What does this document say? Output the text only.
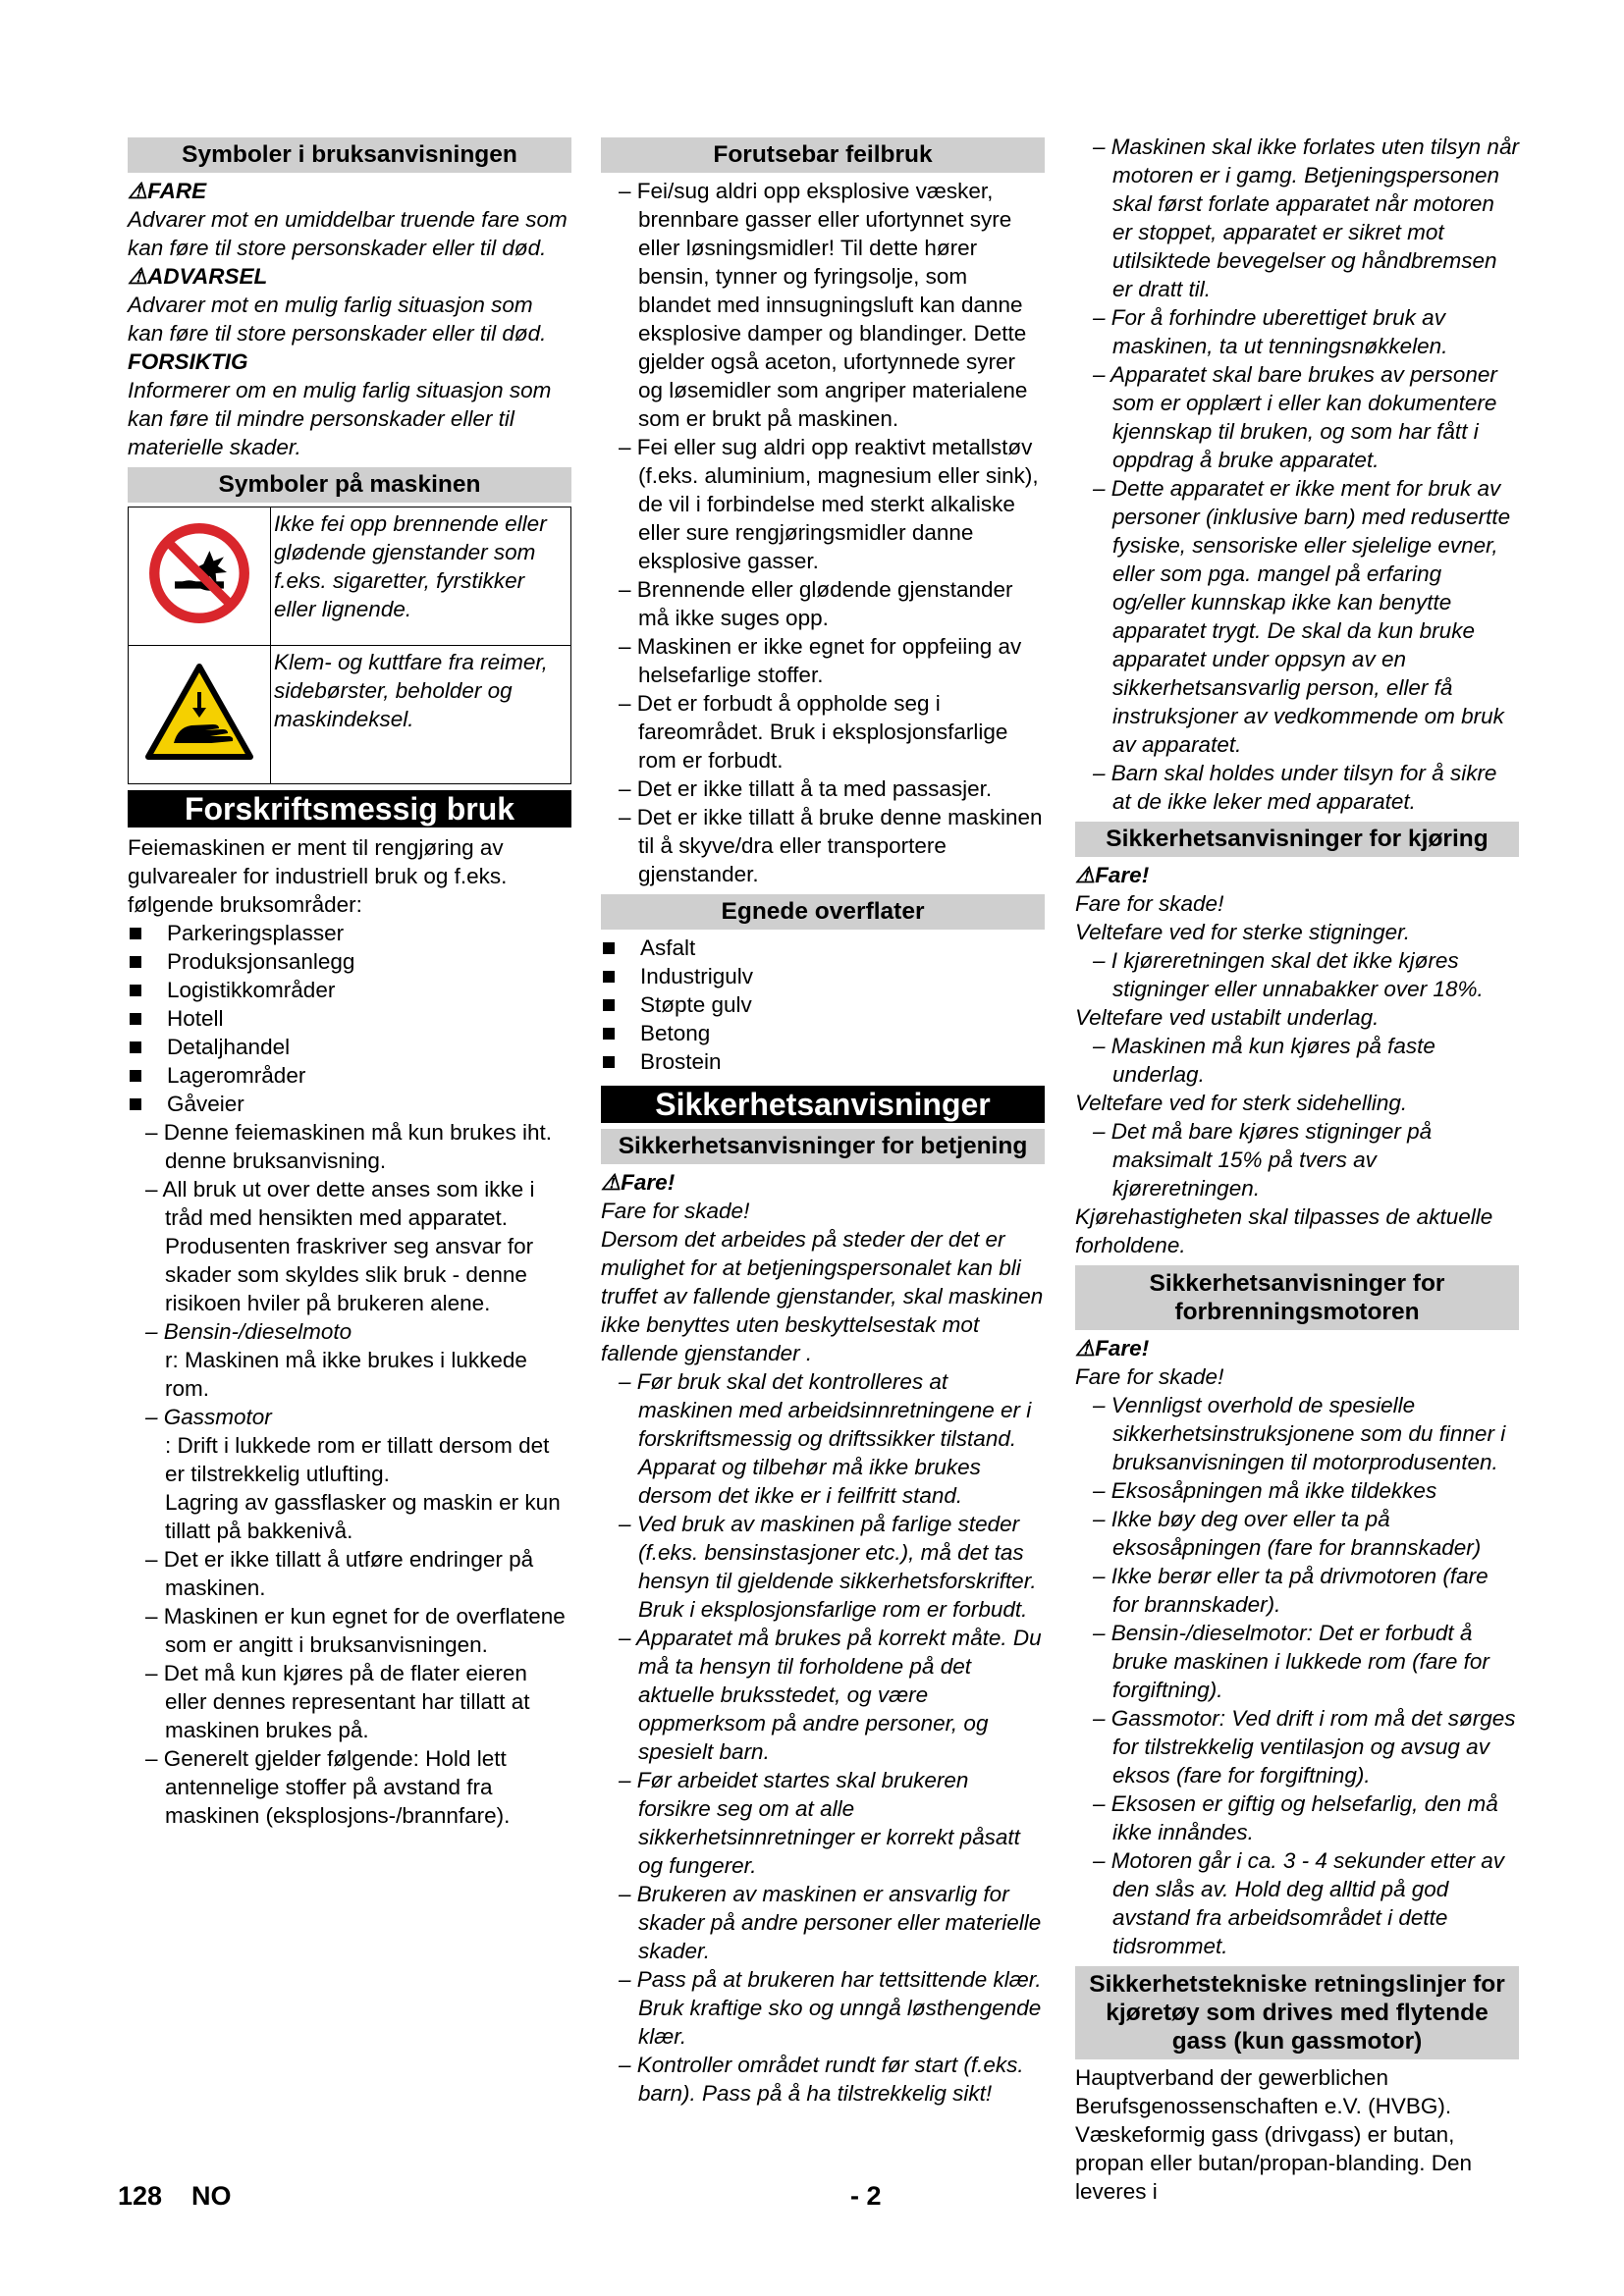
Symboler i bruksanvisningen

⚠FARE

Advarer mot en umiddelbar truende fare som kan føre til store personskader eller til død.

⚠ADVARSEL

Advarer mot en mulig farlig situasjon som kan føre til store personskader eller til død.

FORSIKTIG

Informerer om en mulig farlig situasjon som kan føre til mindre personskader eller til materielle skader.

Symboler på maskinen
	Ikke fei opp brennende eller glødende gjenstander som f.eks. sigaretter, fyrstikker eller lignende.
	Klem- og kuttfare fra reimer, sidebørster, beholder og maskindeksel.
Forskriftsmessig bruk

Feiemaskinen er ment til rengjøring av gulvarealer for industriell bruk og f.eks. følgende bruksområder:

Parkeringsplasser
Produksjonsanlegg
Logistikkområder
Hotell
Detaljhandel
Lagerområder
Gåveier
– Denne feiemaskinen må kun brukes iht. denne bruksanvisning.
– All bruk ut over dette anses som ikke i tråd med hensikten med apparatet. Produsenten fraskriver seg ansvar for skader som skyldes slik bruk - denne risikoen hviler på brukeren alene.
– Bensin-/dieselmoto

r: Maskinen må ikke brukes i lukkede rom.

– Gassmotor

: Drift i lukkede rom er tillatt dersom det er tilstrekkelig utlufting.

Lagring av gassflasker og maskin er kun tillatt på bakkenivå.

– Det er ikke tillatt å utføre endringer på maskinen.
– Maskinen er kun egnet for de overflatene som er angitt i bruksanvisningen.
– Det må kun kjøres på de flater eieren eller dennes representant har tillatt at maskinen brukes på.
– Generelt gjelder følgende: Hold lett antennelige stoffer på avstand fra maskinen (eksplosjons-/brannfare).
Forutsebar feilbruk
– Fei/sug aldri opp eksplosive væsker, brennbare gasser eller ufortynnet syre eller løsningsmidler! Til dette hører bensin, tynner og fyringsolje, som blandet med innsugningsluft kan danne eksplosive damper og blandinger. Dette gjelder også aceton, ufortynnede syrer og løsemidler som angriper materialene som er brukt på maskinen.
– Fei eller sug aldri opp reaktivt metallstøv (f.eks. aluminium, magnesium eller sink), de vil i forbindelse med sterkt alkaliske eller sure rengjøringsmidler danne eksplosive gasser.
– Brennende eller glødende gjenstander må ikke suges opp.
– Maskinen er ikke egnet for oppfeiing av helsefarlige stoffer.
– Det er forbudt å oppholde seg i fareområdet. Bruk i eksplosjonsfarlige rom er forbudt.
– Det er ikke tillatt å ta med passasjer.
– Det er ikke tillatt å bruke denne maskinen til å skyve/dra eller transportere gjenstander.
Egnede overflater
Asfalt
Industrigulv
Støpte gulv
Betong
Brostein
Sikkerhetsanvisninger
Sikkerhetsanvisninger for betjening

⚠Fare!

Fare for skade!

Dersom det arbeides på steder der det er mulighet for at betjeningspersonalet kan bli truffet av fallende gjenstander, skal maskinen ikke benyttes uten beskyttelsestak mot fallende gjenstander .

– Før bruk skal det kontrolleres at maskinen med arbeidsinnretningene er i forskriftsmessig og driftssikker tilstand. Apparat og tilbehør må ikke brukes dersom det ikke er i feilfritt stand.
– Ved bruk av maskinen på farlige steder (f.eks. bensinstasjoner etc.), må det tas hensyn til gjeldende sikkerhetsforskrifter. Bruk i eksplosjonsfarlige rom er forbudt.
– Apparatet må brukes på korrekt måte. Du må ta hensyn til forholdene på det aktuelle bruksstedet, og være oppmerksom på andre personer, og spesielt barn.
– Før arbeidet startes skal brukeren forsikre seg om at alle sikkerhetsinnretninger er korrekt påsatt og fungerer.
– Brukeren av maskinen er ansvarlig for skader på andre personer eller materielle skader.
– Pass på at brukeren har tettsittende klær. Bruk kraftige sko og unngå løsthengende klær.
– Kontroller området rundt før start (f.eks. barn). Pass på å ha tilstrekkelig sikt!
– Maskinen skal ikke forlates uten tilsyn når motoren er i gamg. Betjeningspersonen skal først forlate apparatet når motoren er stoppet, apparatet er sikret mot utilsiktede bevegelser og håndbremsen er dratt til.
– For å forhindre uberettiget bruk av maskinen, ta ut tenningsnøkkelen.
– Apparatet skal bare brukes av personer som er opplært i eller kan dokumentere kjennskap til bruken, og som har fått i oppdrag å bruke apparatet.
– Dette apparatet er ikke ment for bruk av personer (inklusive barn) med redusertte fysiske, sensoriske eller sjelelige evner, eller som pga. mangel på erfaring og/eller kunnskap ikke kan benytte apparatet trygt. De skal da kun bruke apparatet under oppsyn av en sikkerhetsansvarlig person, eller få instruksjoner av vedkommende om bruk av apparatet.
– Barn skal holdes under tilsyn for å sikre at de ikke leker med apparatet.
Sikkerhetsanvisninger for kjøring

⚠Fare!

Fare for skade!

Veltefare ved for sterke stigninger.

– I kjøreretningen skal det ikke kjøres stigninger eller unnabakker over 18%.

Veltefare ved ustabilt underlag.

– Maskinen må kun kjøres på faste underlag.

Veltefare ved for sterk sidehelling.

– Det må bare kjøres stigninger på maksimalt 15% på tvers av kjøreretningen.

Kjørehastigheten skal tilpasses de aktuelle forholdene.

Sikkerhetsanvisninger for forbrenningsmotoren

⚠Fare!

Fare for skade!

– Vennligst overhold de spesielle sikkerhetsinstruksjonene som du finner i bruksanvisningen til motorprodusenten.
– Eksosåpningen må ikke tildekkes
– Ikke bøy deg over eller ta på eksosåpningen (fare for brannskader)
– Ikke berør eller ta på drivmotoren (fare for brannskader).
– Bensin-/dieselmotor: Det er forbudt å bruke maskinen i lukkede rom (fare for forgiftning).
– Gassmotor: Ved drift i rom må det sørges for tilstrekkelig ventilasjon og avsug av eksos (fare for forgiftning).
– Eksosen er giftig og helsefarlig, den må ikke innåndes.
– Motoren går i ca. 3 - 4 sekunder etter av den slås av. Hold deg alltid på god avstand fra arbeidsområdet i dette tidsrommet.
Sikkerhetstekniske retningslinjer for kjøretøy som drives med flytende gass (kun gassmotor)

Hauptverband der gewerblichen Berufsgenossenschaften e.V. (HVBG). Væskeformig gass (drivgass) er butan, propan eller butan/propan-blanding. Den leveres i

128 NO	- 2
